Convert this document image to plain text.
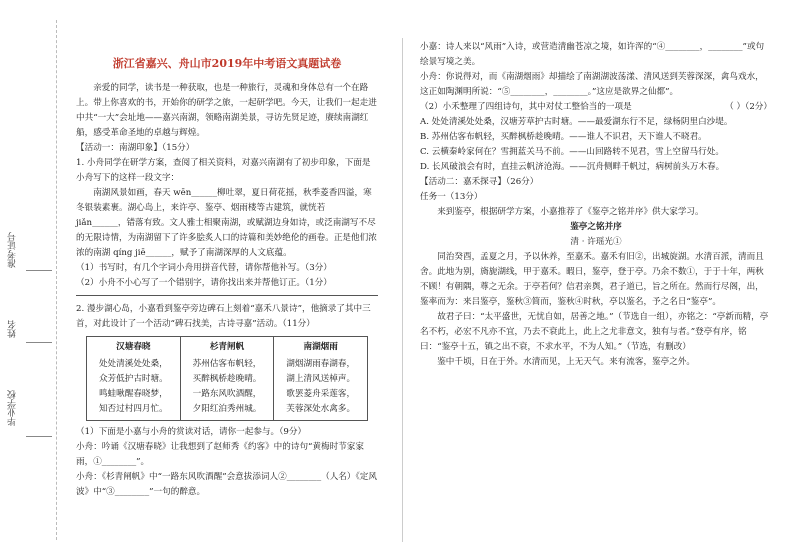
准考证号
姓名
毕业学校
浙江省嘉兴、舟山市2019年中考语文真题试卷

亲爱的同学，读书是一种获取，也是一种旅行，灵魂和身体总有一个在路上。带上你喜欢的书，开始你的研学之旅，一起研学吧。今天，让我们一起走进中共“一大”会址地——嘉兴南湖，领略南湖美景，寻访先贤足迹，赓续南湖红船，感受革命圣地的卓越与辉煌。

【活动一：南湖印象】（15分）

1. 小舟同学在研学方案，查阅了相关资料，对嘉兴南湖有了初步印象，下面是小舟写下的这样一段文字：

南湖风景如画，春天 wēn______柳吐翠，夏日荷花摇，秋季菱香四溢，寒冬银装素裹。湖心岛上，来许亭、鉴亭、烟雨楼等古建筑，就恍若 jiǎn______，错落有致。文人雅士相聚南湖，或赋湖边身如诗，或泛南湖写不尽的无限诗情，为南湖留下了许多脍炙人口的诗篇和美妙绝伦的画卷。正是他们浓浓的南湖 qíng jiē______，赋予了南湖深厚的人文底蕴。

（1）书写时，有几个字词小舟用拼音代替，请你帮他补写。（3分）

（2）小舟不小心写了一个错别字，请你找出来并帮他订正。（1分）

2. 漫步湖心岛，小嘉看到鉴亭旁边碑石上刻着“嘉禾八景诗”，他摘录了其中三首，对此设计了一个活动“碑石找美，古诗寻嘉”活动。（11分）

汉塘春晓
处处清溪处处桑，
众芳低护古时塘。
鸣蛙啾醒春晓梦，
知否过村四月忙。
杉青闸帆
苏州估客布帆轻，
买醉枫桥趁晚晴。
一路东风吹酒醒，
夕阳红泊秀州城。
南湖烟雨
湖烟湖雨春湖春，
湖上清风送棹声。
歌罢菱舟采莲客，
芙蓉深处水禽多。

（1）下面是小嘉与小舟的赏读对话，请你一起参与。（9分）

小舟：吟诵《汉塘春晓》让我想到了赵师秀《约客》中的诗句“黄梅时节家家雨，①________”。

小舟：《杉青闸帆》中“一路东风吹酒醒”会意拔添词人②________（人名）《定风波》中“③________”一句的醉意。

小嘉：诗人来以“风雨”入诗，或营造清幽苍凉之境，如许浑的“④________，________”或句绘景写境之美。

小舟：你说得对，而《南湖烟雨》却描绘了南湖湖波荡漾、清风送到芙蓉深深，禽鸟戏水，这正如陶渊明所说：“⑤________，________。”这应是欲界之仙都”。

（2）小禾整理了四组诗句，其中对仗工整恰当的一项是	（ ）（2分）

A. 处处清溪处处桑，汉塘芳草护古时塘。——最爱湖东行不足，绿杨阴里白沙堤。

B. 苏州估客布帆轻，买醉枫桥趁晚晴。——谁人不识君，天下谁人不晓君。

C. 云横秦岭家何在？雪拥蓝关马不前。——山回路转不见君，雪上空留马行处。

D. 长风破浪会有时，直挂云帆济沧海。——沉舟侧畔千帆过，病树前头万木春。

【活动二：嘉禾探寻】（26分）

任务一（13分）

来到鉴亭，根据研学方案，小嘉推荐了《鉴亭之铭并序》供大家学习。

鉴亭之铭并序

清 · 许瑶光①

同治癸酉，孟夏之月，予以休养，至嘉禾。嘉禾有旧②，出城旋湖。水清百派，清而且舍。此地为别，旖旎湖线，甲于嘉禾。暇日，鉴亭，登于亭。乃余不数①，于于十年，两秋不顾！有朝隅，尊之无余。于亭若何？信君亲舆，君子道已，旨之所在。然而行尽阁，出，鉴率而为：来吕鉴亭，鉴秋③简而，鉴秋④时秋，亭以鉴名，予之名日“鉴亭”。

故君子曰：“太平盛世，无忧自如，居善之地。”（节选自一组），亦铭之：“亭新而精，亭名不朽，必宏不凡亦不宜，乃去不衰此上，此上之尤非意文，独有与者。”登亭有序，铭曰：“鉴亭十五，镇之出不衰，不求水平，不为人知。”（节选，有删改）

鉴中千顷，日在于外。水清而见，上无天气。来有流客，鉴亭之外。
